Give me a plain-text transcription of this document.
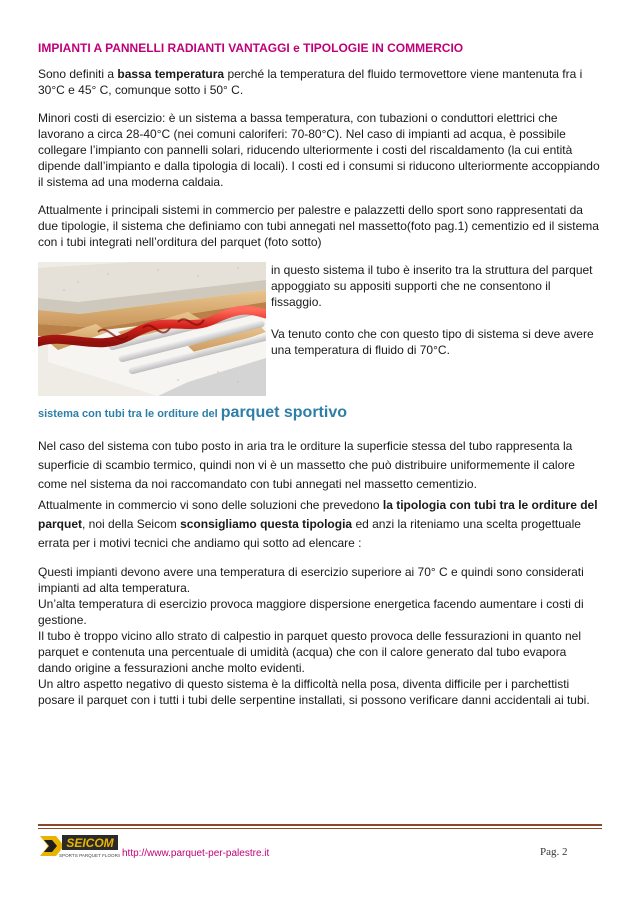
IMPIANTI A PANNELLI RADIANTI VANTAGGI e TIPOLOGIE IN COMMERCIO

Sono definiti a bassa temperatura perché la temperatura del fluido termovettore viene mantenuta fra i 30°C e 45° C, comunque sotto i 50° C.

Minori costi di esercizio: è un sistema a bassa temperatura, con tubazioni o conduttori elettrici che lavorano a circa 28-40°C (nei comuni caloriferi: 70-80°C). Nel caso di impianti ad acqua, è possibile collegare l’impianto con pannelli solari, riducendo ulteriormente i costi del riscaldamento (la cui entità dipende dall’impianto e dalla tipologia di locali). I costi ed i consumi si riducono ulteriormente accoppiando il sistema ad una moderna caldaia.

Attualmente i principali sistemi in commercio per palestre e palazzetti dello sport sono rappresentati da due tipologie, il sistema che definiamo con tubi annegati nel massetto(foto pag.1) cementizio ed il sistema con i tubi integrati nell’orditura del parquet (foto sotto)

in questo sistema il tubo è inserito tra la struttura del parquet appoggiato su appositi supporti che ne consentono il fissaggio.

Va tenuto conto che con questo tipo di sistema si deve avere una temperatura di fluido di 70°C.

sistema con tubi tra le orditure del parquet sportivo

Nel caso del sistema con tubo posto in aria tra le orditure la superficie stessa del tubo rappresenta la superficie di scambio termico, quindi non vi è un massetto che può distribuire uniformemente il calore come nel sistema da noi raccomandato con tubi annegati nel massetto cementizio.

Attualmente in commercio vi sono delle soluzioni che prevedono la tipologia con tubi tra le orditure del parquet, noi della Seicom sconsigliamo questa tipologia ed anzi la riteniamo una scelta progettuale errata per i motivi tecnici che andiamo qui sotto ad elencare :

Questi impianti devono avere una temperatura di esercizio superiore ai 70° C e quindi sono considerati impianti ad alta temperatura.
Un’alta temperatura di esercizio provoca maggiore dispersione energetica facendo aumentare i costi di gestione.
Il tubo è troppo vicino allo strato di calpestio in parquet questo provoca delle fessurazioni in quanto nel parquet e contenuta una percentuale di umidità (acqua) che con il calore generato dal tubo evapora dando origine a fessurazioni anche molto evidenti.
Un altro aspetto negativo di questo sistema è la difficoltà nella posa, diventa difficile per i parchettisti posare il parquet con i tutti i tubi delle serpentine installati, si possono verificare danni accidentali ai tubi.
SEICOM
SPORTS PARQUET FLOORS http://www.parquet-per-palestre.it	Pag. 2
